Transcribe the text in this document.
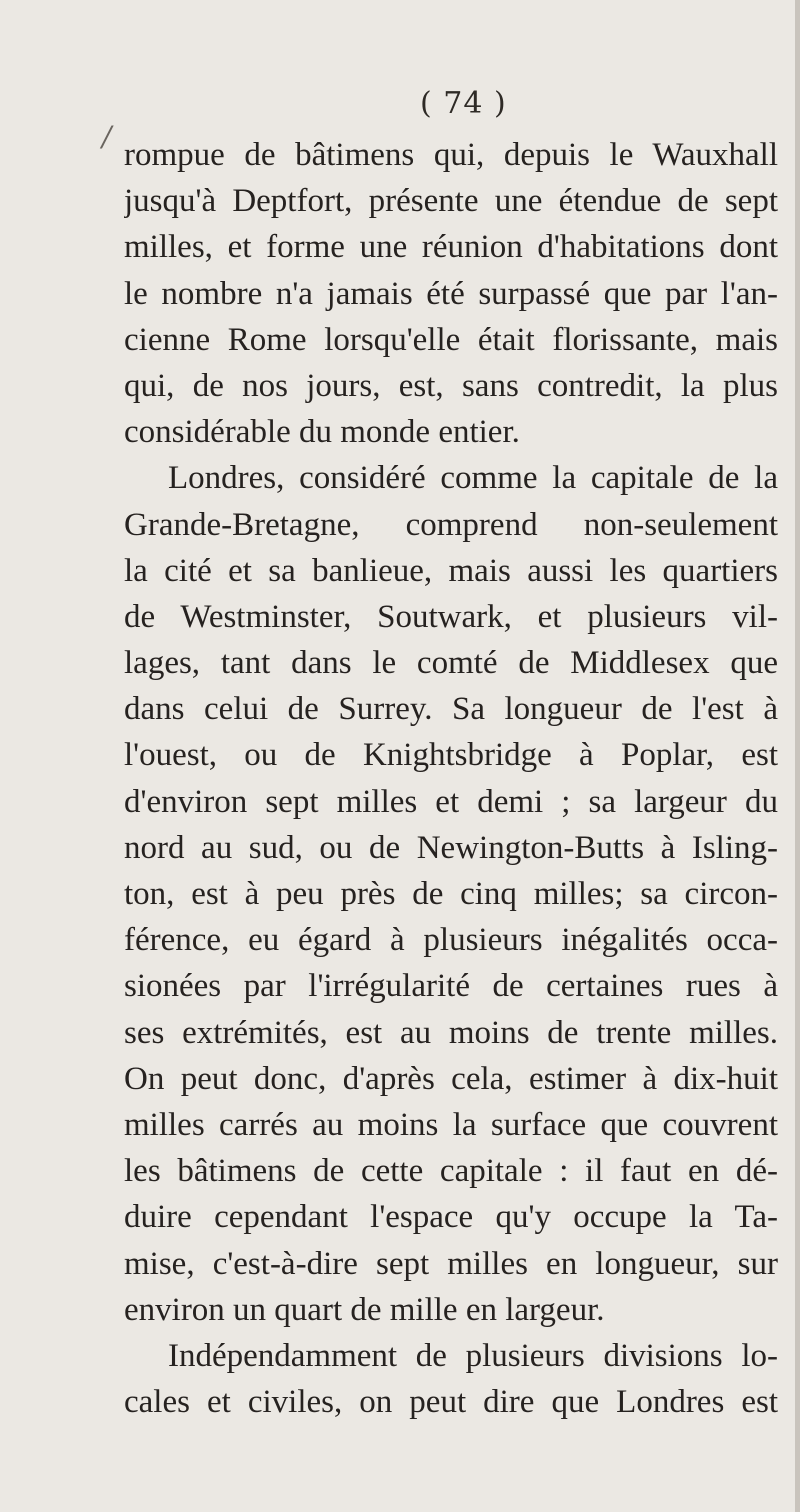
( 74 )
/
rompue de bâtimens qui, depuis le Wauxhall
jusqu'à Deptfort, présente une étendue de sept
milles, et forme une réunion d'habitations dont
le nombre n'a jamais été surpassé que par l'an-
cienne Rome lorsqu'elle était florissante, mais
qui, de nos jours, est, sans contredit, la plus
considérable du monde entier.
Londres, considéré comme la capitale de la
Grande-Bretagne, comprend non-seulement
la cité et sa banlieue, mais aussi les quartiers
de Westminster, Soutwark, et plusieurs vil-
lages, tant dans le comté de Middlesex que
dans celui de Surrey. Sa longueur de l'est à
l'ouest, ou de Knightsbridge à Poplar, est
d'environ sept milles et demi ; sa largeur du
nord au sud, ou de Newington-Butts à Isling-
ton, est à peu près de cinq milles; sa circon-
férence, eu égard à plusieurs inégalités occa-
sionées par l'irrégularité de certaines rues à
ses extrémités, est au moins de trente milles.
On peut donc, d'après cela, estimer à dix-huit
milles carrés au moins la surface que couvrent
les bâtimens de cette capitale : il faut en dé-
duire cependant l'espace qu'y occupe la Ta-
mise, c'est-à-dire sept milles en longueur, sur
environ un quart de mille en largeur.
Indépendamment de plusieurs divisions lo-
cales et civiles, on peut dire que Londres est
